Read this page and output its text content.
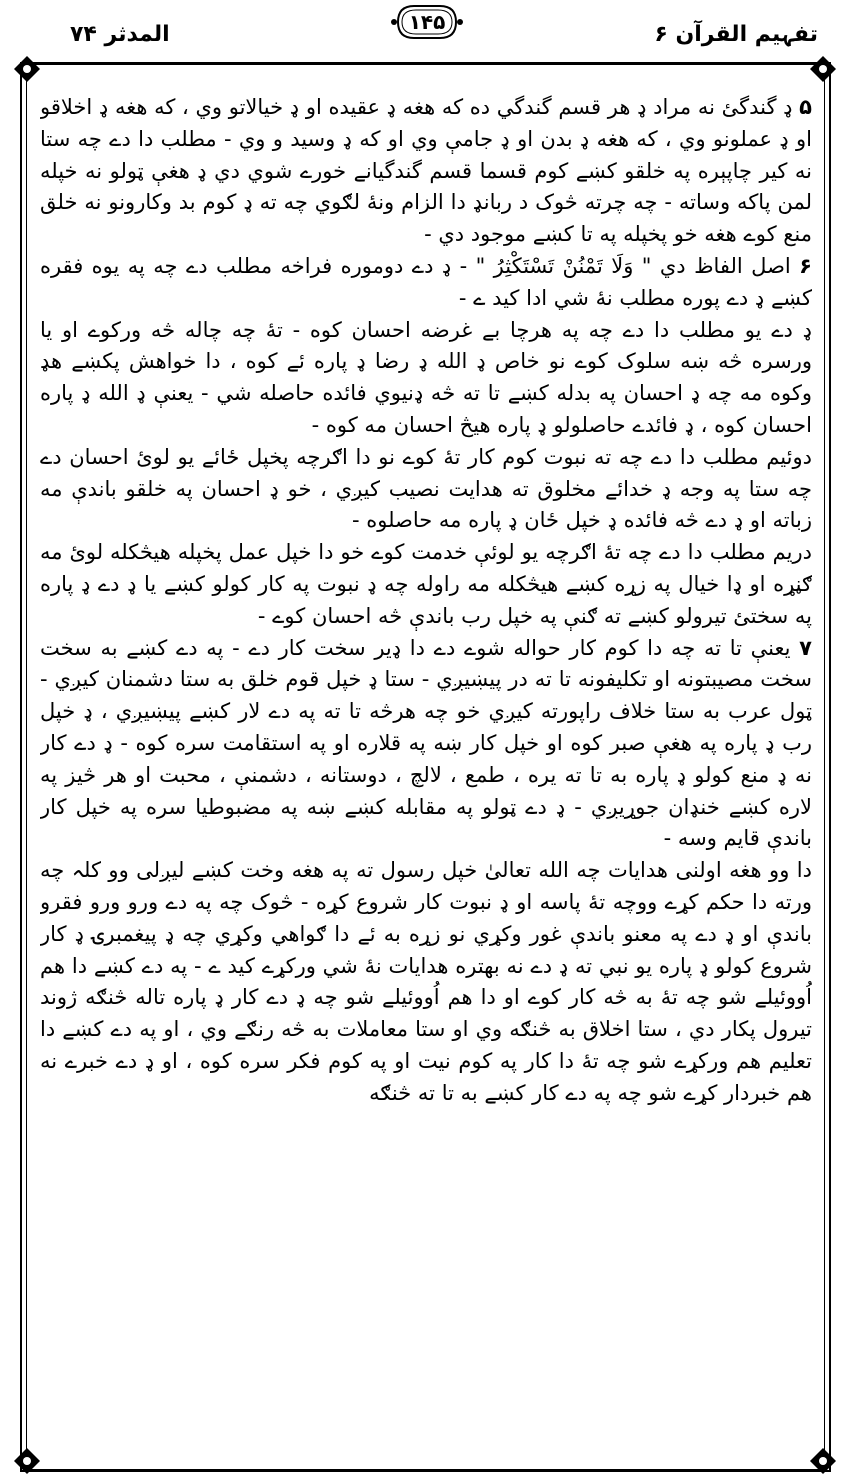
تفہیم القرآن ۶
۱۴۵
المدثر ۷۴

۵ ډ گندگئ نه مراد ډ هر قسم گندگي ده که هغه ډ عقیده او ډ خیالاتو وي ، که هغه ډ اخلاقو او ډ عملونو وي ، که هغه ډ بدن او ډ جامې وي او که ډ وسید و وي - مطلب دا دے چه ستا نه کیر چاپېره په خلقو کښے کوم قسما قسم گندگیانے خورے شوي دي ډ هغې ټولو نه خپله لمن پاکه وساته - چه چرته څوک د ربانډ دا الزام ونهٔ لګوي چه ته ډ کوم بد وکارونو نه خلق منع کوے هغه خو پخپله په تا کښے موجود دي -

۶ اصل الفاظ دي " وَلَا تَمْنُنْ تَسْتَكْثِرُ " - ډ دے دوموره فراخه مطلب دے چه په یوه فقره کښے ډ دے پوره مطلب نهٔ شي ادا کید ے -

ډ دے یو مطلب دا دے چه په هرچا بے غرضه احسان کوه - تهٔ چه چاله څه ورکوے او یا ورسره څه ښه سلوک کوے نو خاص ډ الله ډ رضا ډ پاره ئے کوه ، دا خواهش پکښے هډ وکوه مه چه ډ احسان په بدله کښے تا ته څه ډنیوي فائده حاصله شي - یعنې ډ الله ډ پاره احسان کوه ، ډ فائدے حاصلولو ډ پاره هیڅ احسان مه کوه -

دوئیم مطلب دا دے چه ته نبوت کوم کار تهٔ کوے نو دا اګرچه پخپل ځائے یو لوئ احسان دے چه ستا په وجه ډ خدائے مخلوق ته هدایت نصیب کیږي ، خو ډ احسان په خلقو باندې مه زباته او ډ دے څه فائده ډ خپل ځان ډ پاره مه حاصلوه -

دریم مطلب دا دے چه تهٔ اګرچه یو لوئې خدمت کوے خو دا خپل عمل پخپله هیڅکله لوئ مه ګڼړه او ډا خیال په زړه کښے هیڅکله مه راوله چه ډ نبوت په کار کولو کښے یا ډ دے ډ پاره په سختئ تیرولو کښے ته ګنې په خپل رب باندې څه احسان کوے -

۷ یعنې تا ته چه دا کوم کار حواله شوے دے دا ډیر سخت کار دے - په دے کښے به سخت سخت مصیبتونه او تکلیفونه تا ته در پیښیږي - ستا ډ خپل قوم خلق به ستا دشمنان کیږي - ټول عرب به ستا خلاف راپورته کیږي خو چه هرڅه تا ته په دے لار کښے پیښیږي ، ډ خپل رب ډ پاره په هغې صبر کوه او خپل کار ښه په قلاره او په استقامت سره کوه - ډ دے کار نه ډ منع کولو ډ پاره به تا ته یره ، طمع ، لالچ ، دوستانه ، دشمنې ، محبت او هر څیز په لاره کښے خنډان جوړیږي - ډ دے ټولو په مقابله کښے ښه په مضبوطیا سره په خپل کار باندې قایم وسه -

دا وو هغه اولنی هدایات چه الله تعالیٰ خپل رسول ته په هغه وخت کښے لیږلی وو کلہ چه ورته دا حکم کړے ووچه تهٔ پاسه او ډ نبوت کار شروع کړه - څوک چه په دے ورو ورو فقرو باندې او ډ دے په معنو باندې غور وکړي نو زړه به ئے دا ګواهي وکړي چه ډ پیغمبرۍ ډ کار شروع کولو ډ پاره یو نبي ته ډ دے نه بهتره هدایات نهٔ شي ورکړے کید ے - په دے کښے دا هم اُووئیلے شو چه تهٔ به څه کار کوے او دا هم اُووئیلے شو چه ډ دے کار ډ پاره تاله څنګه ژوند تیرول پکار دي ، ستا اخلاق به څنګه وي او ستا معاملات به څه رنګے وي ، او په دے کښے دا تعلیم هم ورکړے شو چه تهٔ دا کار په کوم نیت او په کوم فکر سره کوه ، او ډ دے خبرے نه هم خبردار کړے شو چه په دے کار کښے به تا ته څنګه
